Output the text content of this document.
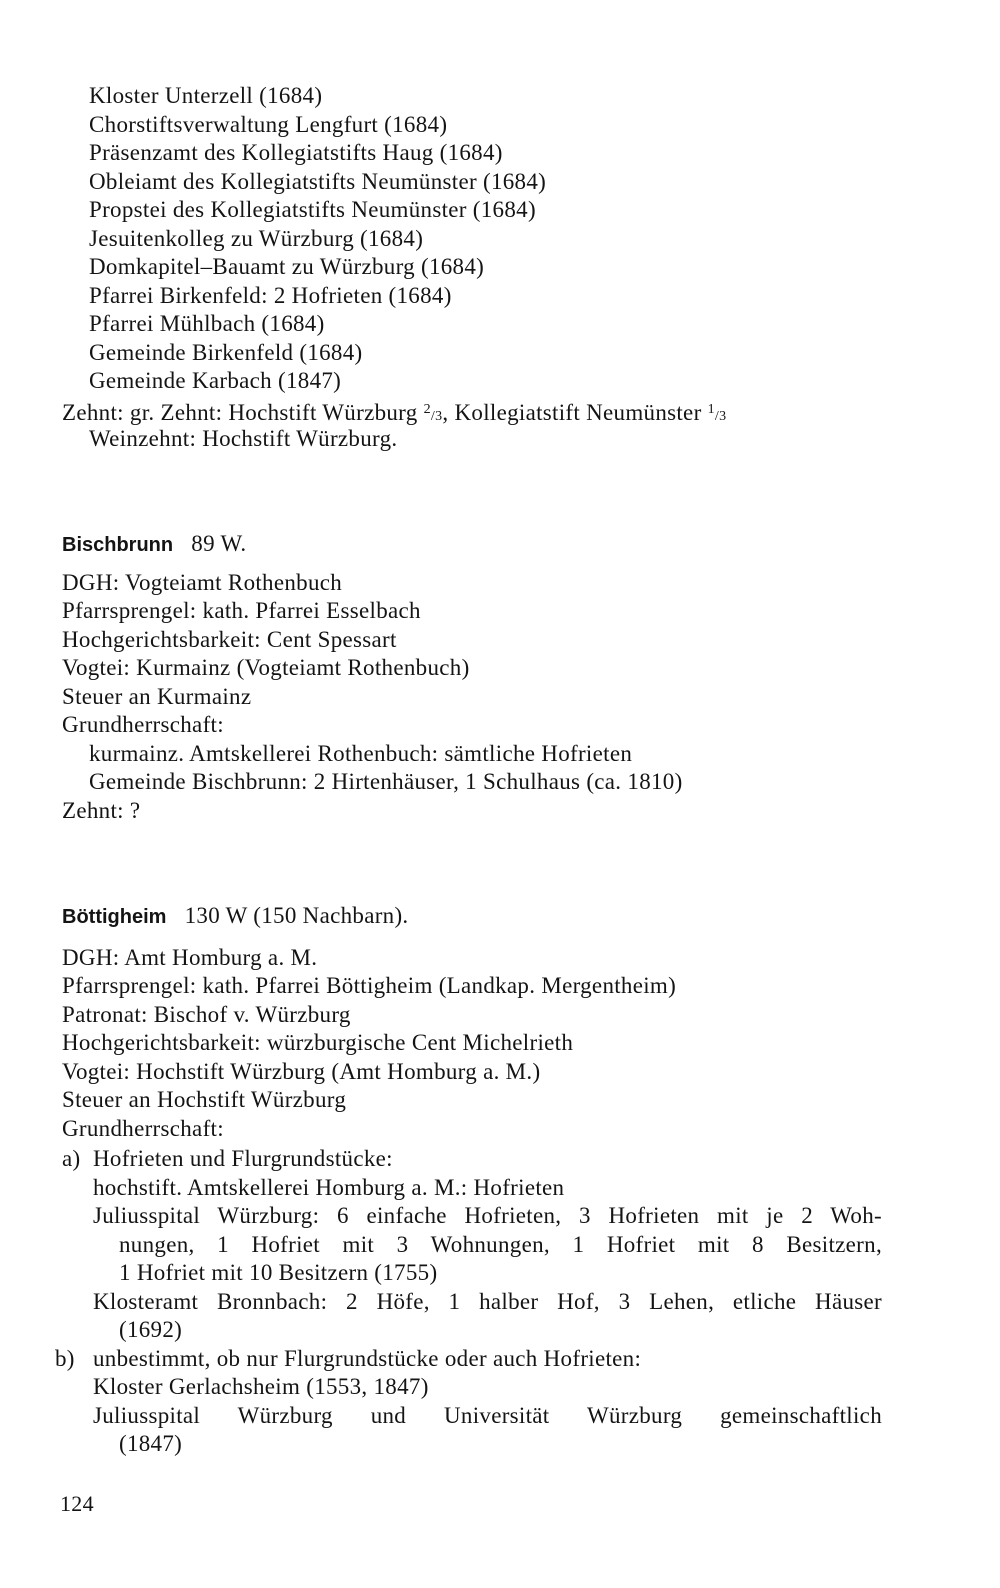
Kloster Unterzell (1684)
Chorstiftsverwaltung Lengfurt (1684)
Präsenzamt des Kollegiatstifts Haug (1684)
Obleiamt des Kollegiatstifts Neumünster (1684)
Propstei des Kollegiatstifts Neumünster (1684)
Jesuitenkolleg zu Würzburg (1684)
Domkapitel–Bauamt zu Würzburg (1684)
Pfarrei Birkenfeld: 2 Hofrieten (1684)
Pfarrei Mühlbach (1684)
Gemeinde Birkenfeld (1684)
Gemeinde Karbach (1847)
Zehnt: gr. Zehnt: Hochstift Würzburg $^2$/3, Kollegiatstift Neumünster $^1$/3
Weinzehnt: Hochstift Würzburg.
Bischbrunn 89 W.
DGH: Vogteiamt Rothenbuch
Pfarrsprengel: kath. Pfarrei Esselbach
Hochgerichtsbarkeit: Cent Spessart
Vogtei: Kurmainz (Vogteiamt Rothenbuch)
Steuer an Kurmainz
Grundherrschaft:
kurmainz. Amtskellerei Rothenbuch: sämtliche Hofrieten
Gemeinde Bischbrunn: 2 Hirtenhäuser, 1 Schulhaus (ca. 1810)
Zehnt: ?
Böttigheim 130 W (150 Nachbarn).
DGH: Amt Homburg a. M.
Pfarrsprengel: kath. Pfarrei Böttigheim (Landkap. Mergentheim)
Patronat: Bischof v. Würzburg
Hochgerichtsbarkeit: würzburgische Cent Michelrieth
Vogtei: Hochstift Würzburg (Amt Homburg a. M.)
Steuer an Hochstift Würzburg
Grundherrschaft:
a) Hofrieten und Flurgrundstücke:
hochstift. Amtskellerei Homburg a. M.: Hofrieten
Juliusspital Würzburg: 6 einfache Hofrieten, 3 Hofrieten mit je 2 Woh-
nungen, 1 Hofriet mit 3 Wohnungen, 1 Hofriet mit 8 Besitzern,
1 Hofriet mit 10 Besitzern (1755)
Klosteramt Bronnbach: 2 Höfe, 1 halber Hof, 3 Lehen, etliche Häuser
(1692)
b) unbestimmt, ob nur Flurgrundstücke oder auch Hofrieten:
Kloster Gerlachsheim (1553, 1847)
Juliusspital Würzburg und Universität Würzburg gemeinschaftlich
(1847)
124
